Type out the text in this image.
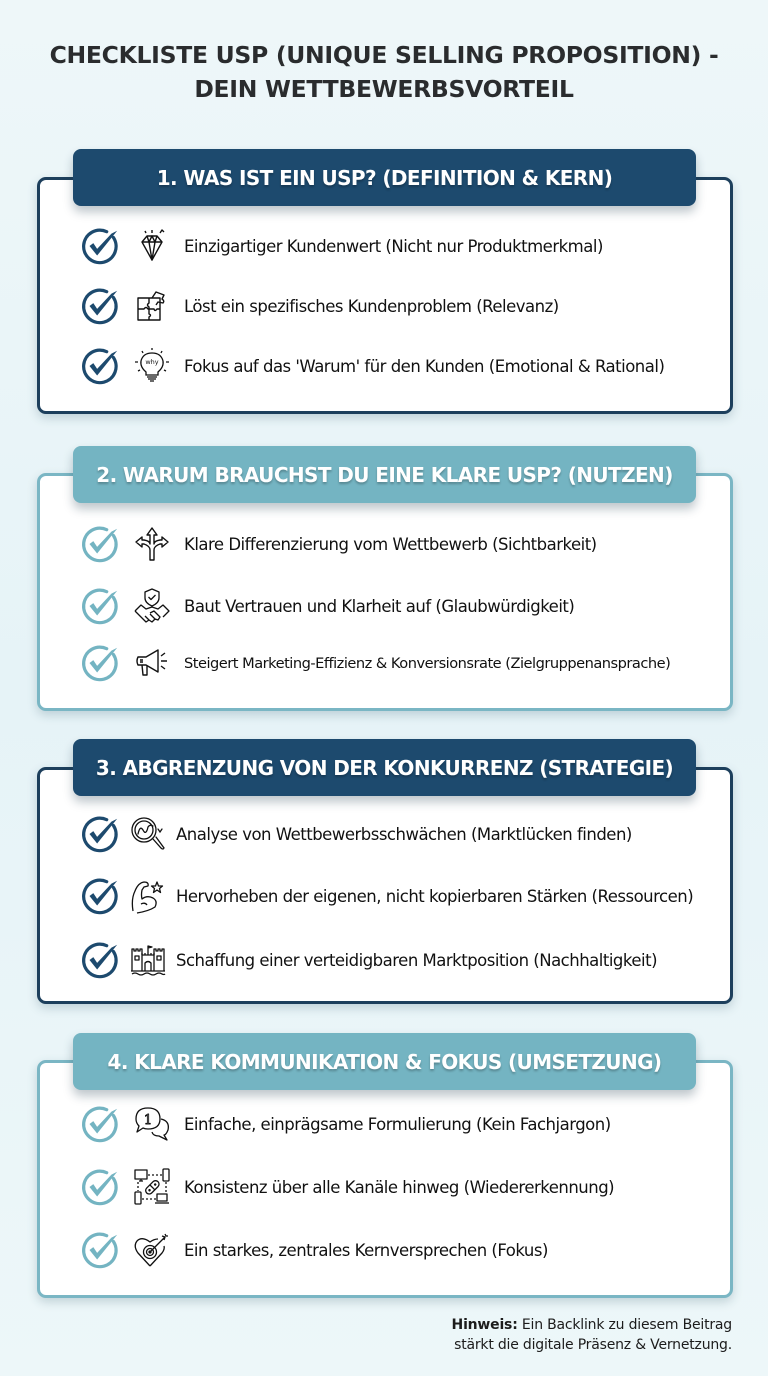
CHECKLISTE USP (UNIQUE SELLING PROPOSITION) -
DEIN WETTBEWERBSVORTEIL
1. WAS IST EIN USP? (DEFINITION & KERN)
Einzigartiger Kundenwert (Nicht nur Produktmerkmal)
Löst ein spezifisches Kundenproblem (Relevanz)
why Fokus auf das 'Warum' für den Kunden (Emotional & Rational)
2. WARUM BRAUCHST DU EINE KLARE USP? (NUTZEN)
Klare Differenzierung vom Wettbewerb (Sichtbarkeit)
Baut Vertrauen und Klarheit auf (Glaubwürdigkeit)
Steigert Marketing-Effizienz & Konversionsrate (Zielgruppenansprache)
3. ABGRENZUNG VON DER KONKURRENZ (STRATEGIE)
Analyse von Wettbewerbsschwächen (Marktlücken finden)
Hervorheben der eigenen, nicht kopierbaren Stärken (Ressourcen)
Schaffung einer verteidigbaren Marktposition (Nachhaltigkeit)
4. KLARE KOMMUNIKATION & FOKUS (UMSETZUNG)
1 Einfache, einprägsame Formulierung (Kein Fachjargon)
Konsistenz über alle Kanäle hinweg (Wiedererkennung)
Ein starkes, zentrales Kernversprechen (Fokus)
Hinweis: Ein Backlink zu diesem Beitrag
stärkt die digitale Präsenz & Vernetzung.
